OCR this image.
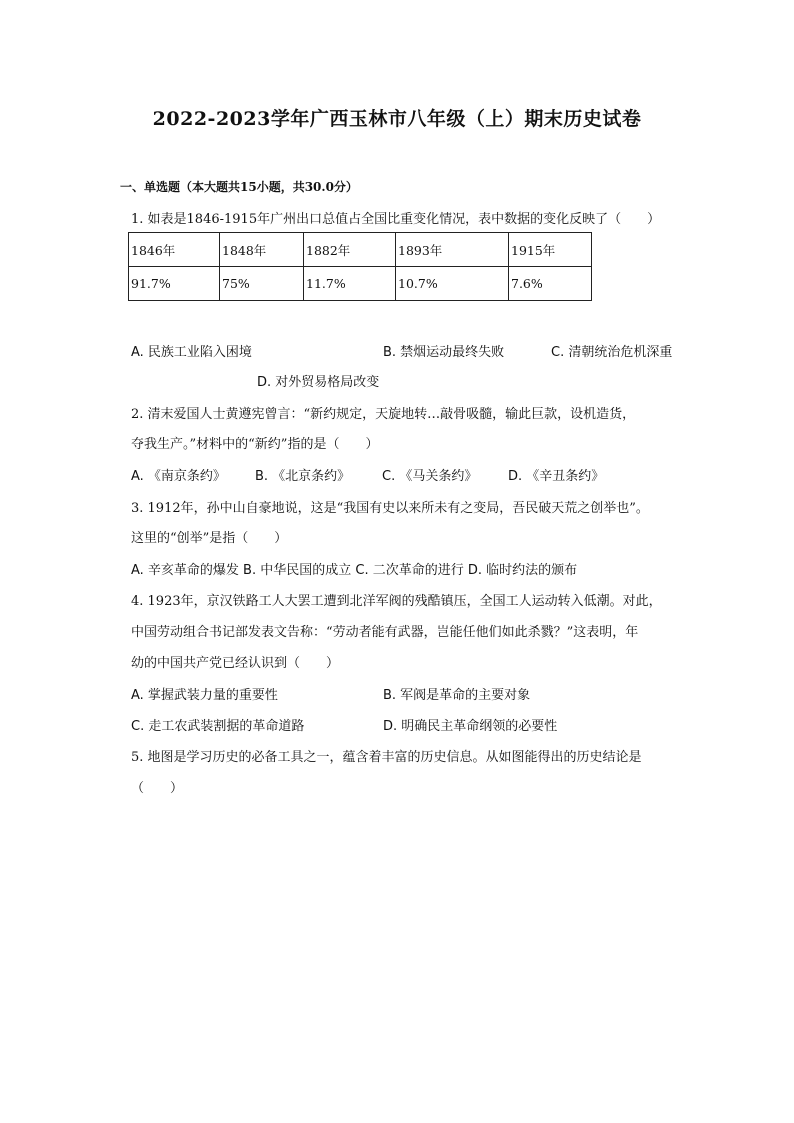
2022-2023学年广西玉林市八年级（上）期末历史试卷
一、单选题（本大题共15小题，共30.0分）
1. 如表是1846-1915年广州出口总值占全国比重变化情况，表中数据的变化反映了（　　）
1846年	1848年	1882年	1893年	1915年
91.7%	75%	11.7%	10.7%	7.6%
A. 民族工业陷入困境	B. 禁烟运动最终失败	C. 清朝统治危机深重
D. 对外贸易格局改变
2. 清末爱国人士黄遵宪曾言：“新约规定，天旋地转…敲骨吸髓，输此巨款，设机造货，
夺我生产。”材料中的“新约”指的是（　　）
A. 《南京条约》 B. 《北京条约》 C. 《马关条约》 D. 《辛丑条约》
3. 1912年，孙中山自豪地说，这是“我国有史以来所未有之变局，吾民破天荒之创举也”。
这里的“创举”是指（　　）
A. 辛亥革命的爆发 B. 中华民国的成立 C. 二次革命的进行 D. 临时约法的颁布
4. 1923年，京汉铁路工人大罢工遭到北洋军阀的残酷镇压，全国工人运动转入低潮。对此，
中国劳动组合书记部发表文告称：“劳动者能有武器，岂能任他们如此杀戮？”这表明，年
幼的中国共产党已经认识到（　　）
A. 掌握武装力量的重要性	B. 军阀是革命的主要对象
C. 走工农武装割据的革命道路	D. 明确民主革命纲领的必要性
5. 地图是学习历史的必备工具之一，蕴含着丰富的历史信息。从如图能得出的历史结论是
（　　）
